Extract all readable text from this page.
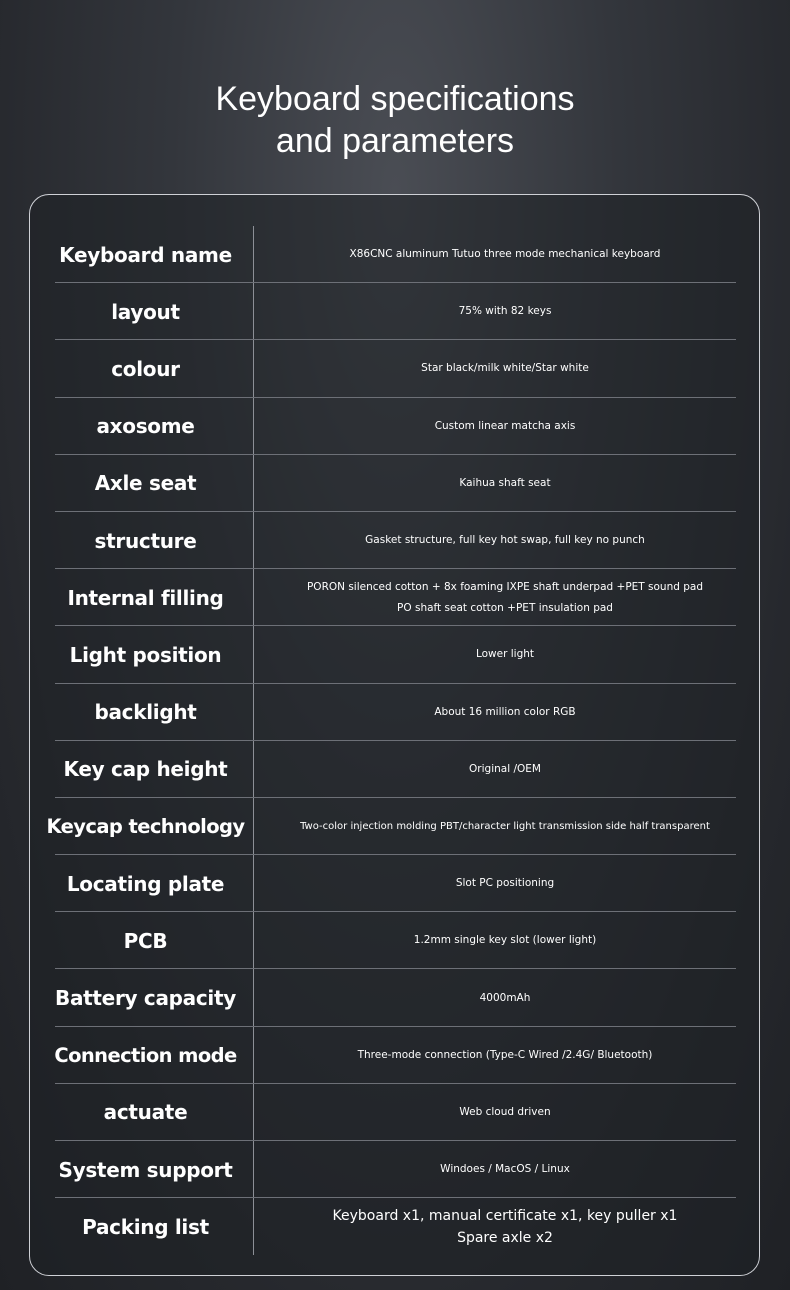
Keyboard specifications
and parameters
Keyboard name	X86CNC aluminum Tutuo three mode mechanical keyboard
layout	75% with 82 keys
colour	Star black/milk white/Star white
axosome	Custom linear matcha axis
Axle seat	Kaihua shaft seat
structure	Gasket structure, full key hot swap, full key no punch
Internal filling	PORON silenced cotton + 8x foaming IXPE shaft underpad +PET sound pad
PO shaft seat cotton +PET insulation pad
Light position	Lower light
backlight	About 16 million color RGB
Key cap height	Original /OEM
Keycap technology	Two-color injection molding PBT/character light transmission side half transparent
Locating plate	Slot PC positioning
PCB	1.2mm single key slot (lower light)
Battery capacity	4000mAh
Connection mode	Three-mode connection (Type-C Wired /2.4G/ Bluetooth)
actuate	Web cloud driven
System support	Windoes / MacOS / Linux
Packing list	Keyboard x1, manual certificate x1, key puller x1
Spare axle x2
